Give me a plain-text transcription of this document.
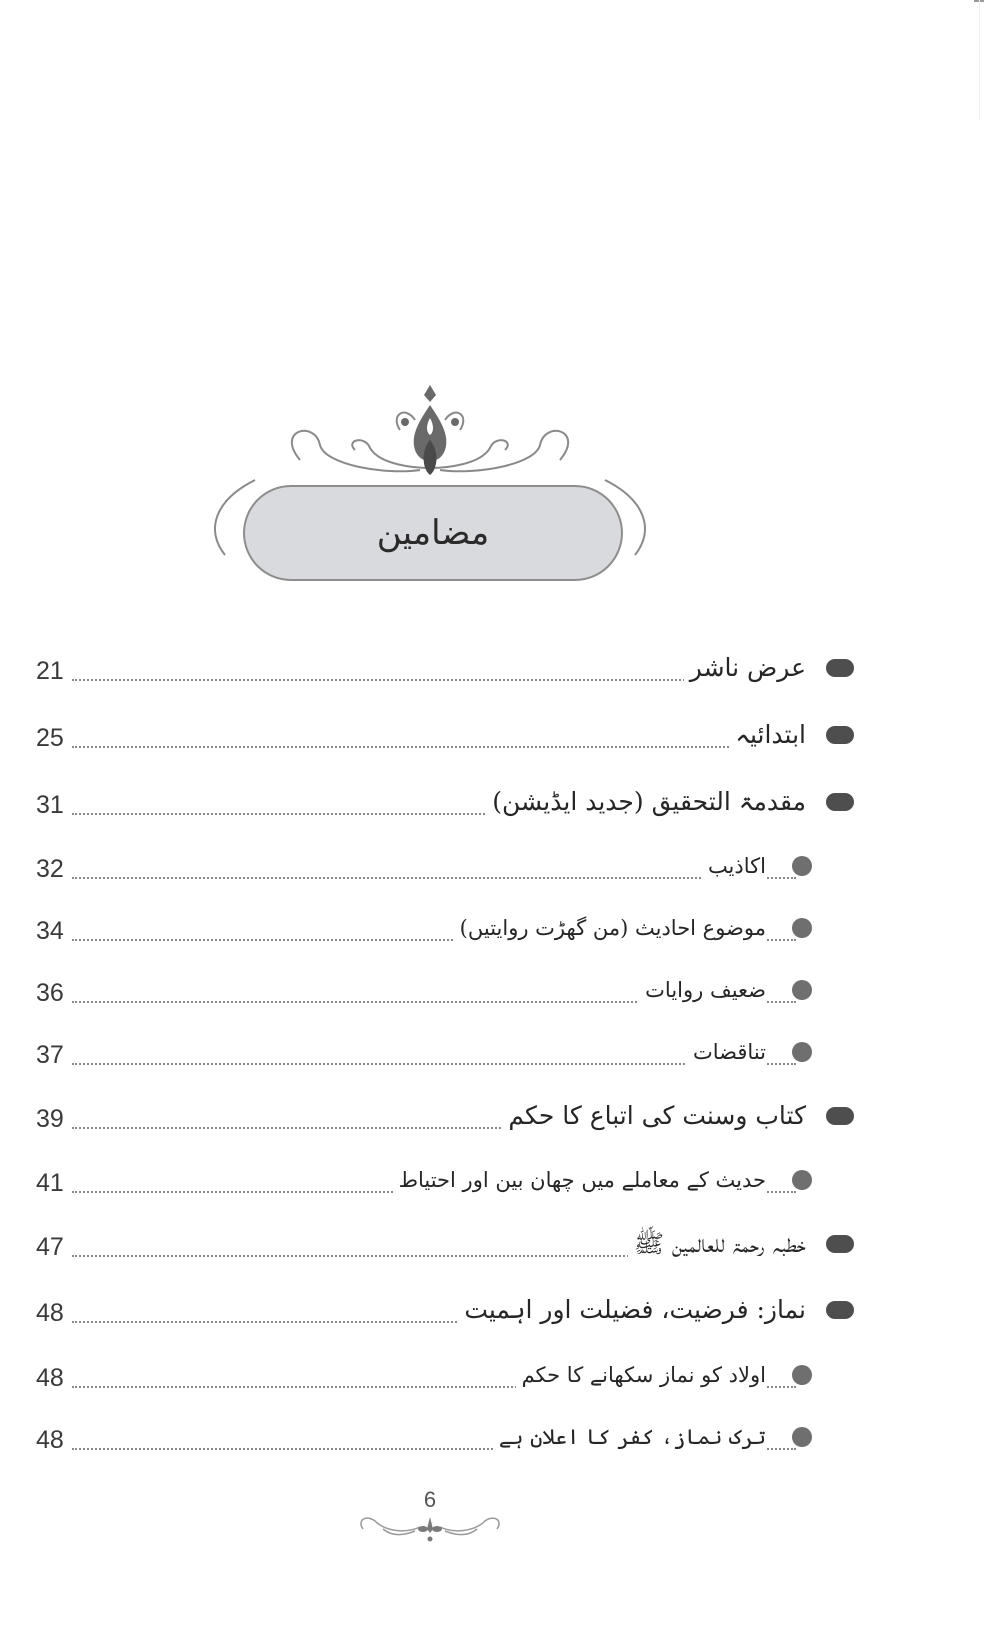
مضامین
21	عرض ناشر
25	ابتدائیہ
31	مقدمۃ التحقیق (جدید ایڈیشن)
32	اکاذیب
34	موضوع احادیث (من گھڑت روایتیں)
36	ضعیف روایات
37	تناقضات
39	کتاب وسنت کی اتباع کا حکم
41	حدیث کے معاملے میں چھان بین اور احتیاط
47	خطبہ رحمۃ للعالمین ﷺ
48	نماز: فرضیت، فضیلت اور اہمیت
48	اولاد کو نماز سکھانے کا حکم
48	ترک نماز، کفر کا اعلان ہے
6
